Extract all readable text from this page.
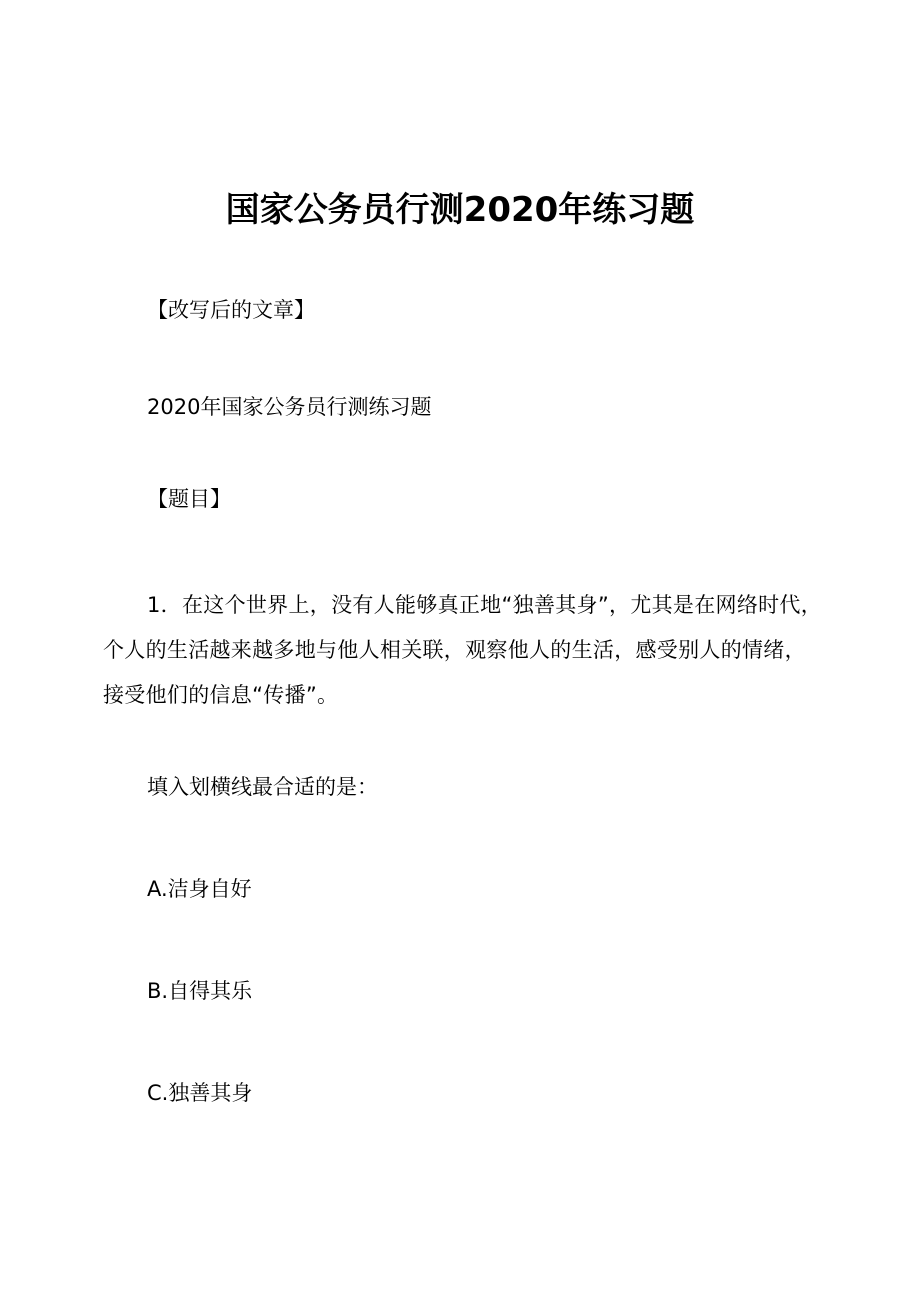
国家公务员行测2020年练习题

【改写后的文章】

2020年国家公务员行测练习题

【题目】

1．在这个世界上，没有人能够真正地“独善其身”，尤其是在网络时代，个人的生活越来越多地与他人相关联，观察他人的生活，感受别人的情绪，接受他们的信息“传播”。

填入划横线最合适的是：

A.洁身自好

B.自得其乐

C.独善其身
